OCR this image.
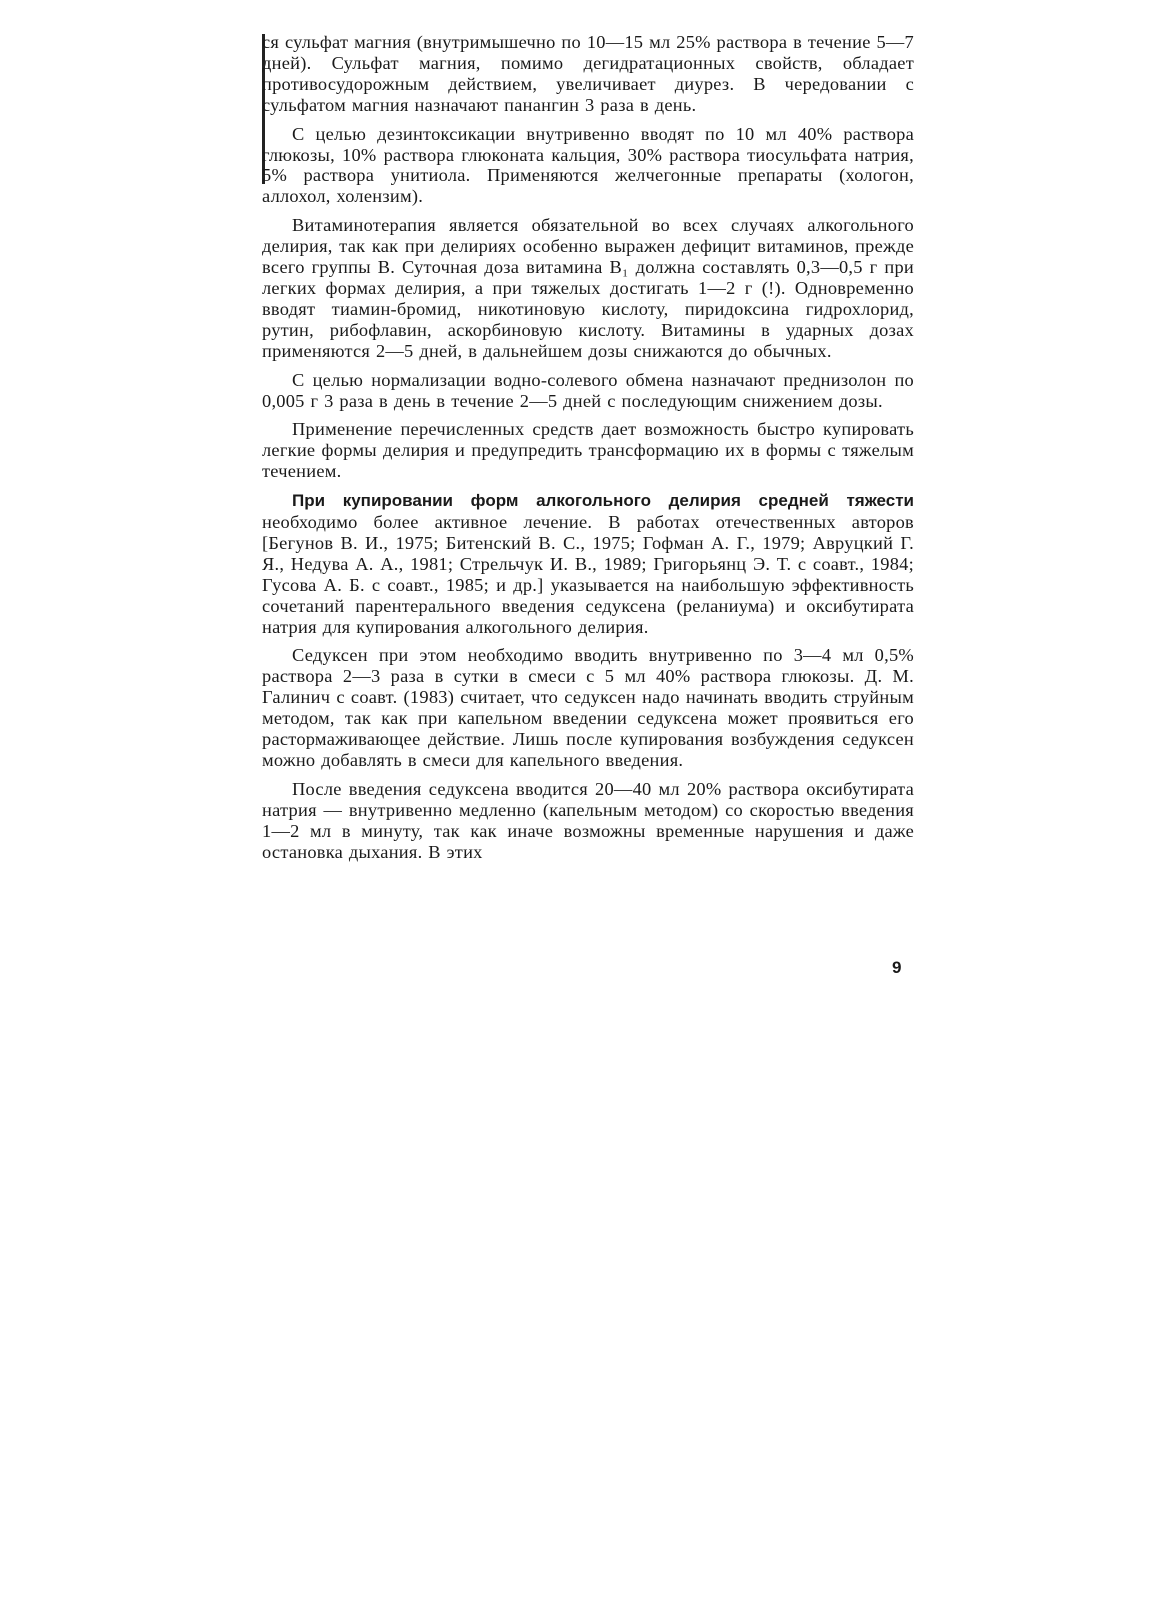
ся сульфат магния (внутримышечно по 10—15 мл 25% раствора в течение 5—7 дней). Сульфат магния, помимо дегидратационных свойств, обладает противосудорожным действием, увеличивает диурез. В чередовании с сульфатом магния назначают панангин 3 раза в день.

С целью дезинтоксикации внутривенно вводят по 10 мл 40% раствора глюкозы, 10% раствора глюконата кальция, 30% раствора тиосульфата натрия, 5% раствора унитиола. Применяются желчегонные препараты (хологон, аллохол, холензим).

Витаминотерапия является обязательной во всех случаях алкогольного делирия, так как при делириях особенно выражен дефицит витаминов, прежде всего группы В. Суточная доза витамина В₁ должна составлять 0,3—0,5 г при легких формах делирия, а при тяжелых достигать 1—2 г (!). Одновременно вводят тиамин-бромид, никотиновую кислоту, пиридоксина гидрохлорид, рутин, рибофлавин, аскорбиновую кислоту. Витамины в ударных дозах применяются 2—5 дней, в дальнейшем дозы снижаются до обычных.

С целью нормализации водно-солевого обмена назначают преднизолон по 0,005 г 3 раза в день в течение 2—5 дней с последующим снижением дозы.

Применение перечисленных средств дает возможность быстро купировать легкие формы делирия и предупредить трансформацию их в формы с тяжелым течением.

При купировании форм алкогольного делирия средней тяжести необходимо более активное лечение. В работах отечественных авторов [Бегунов В. И., 1975; Битенский В. С., 1975; Гофман А. Г., 1979; Авруцкий Г. Я., Недува А. А., 1981; Стрельчук И. В., 1989; Григорьянц Э. Т. с соавт., 1984; Гусова А. Б. с соавт., 1985; и др.] указывается на наибольшую эффективность сочетаний парентерального введения седуксена (реланиума) и оксибутирата натрия для купирования алкогольного делирия.

Седуксен при этом необходимо вводить внутривенно по 3—4 мл 0,5% раствора 2—3 раза в сутки в смеси с 5 мл 40% раствора глюкозы. Д. М. Галинич с соавт. (1983) считает, что седуксен надо начинать вводить струйным методом, так как при капельном введении седуксена может проявиться его растормаживающее действие. Лишь после купирования возбуждения седуксен можно добавлять в смеси для капельного введения.

После введения седуксена вводится 20—40 мл 20% раствора оксибутирата натрия — внутривенно медленно (капельным методом) со скоростью введения 1—2 мл в минуту, так как иначе возможны временные нарушения и даже остановка дыхания. В этих

9
